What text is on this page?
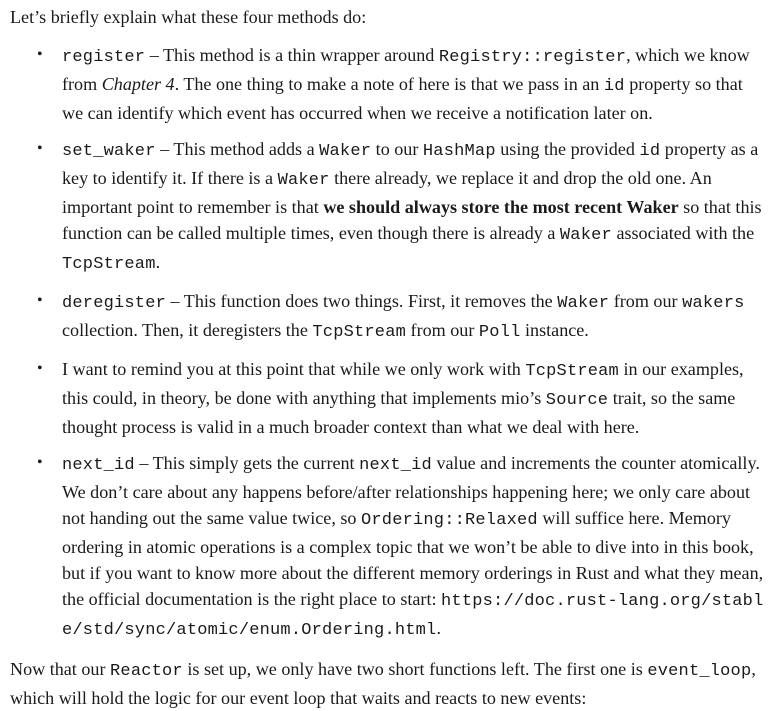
Let’s briefly explain what these four methods do:

• register – This method is a thin wrapper around Registry::register, which we know from Chapter 4. The one thing to make a note of here is that we pass in an id property so that we can identify which event has occurred when we receive a notification later on.
• set_waker – This method adds a Waker to our HashMap using the provided id property as a key to identify it. If there is a Waker there already, we replace it and drop the old one. An important point to remember is that we should always store the most recent Waker so that this function can be called multiple times, even though there is already a Waker associated with the TcpStream.
• deregister – This function does two things. First, it removes the Waker from our wakers collection. Then, it deregisters the TcpStream from our Poll instance.
• I want to remind you at this point that while we only work with TcpStream in our examples, this could, in theory, be done with anything that implements mio’s Source trait, so the same thought process is valid in a much broader context than what we deal with here.
• next_id – This simply gets the current next_id value and increments the counter atomically. We don’t care about any happens before/after relationships happening here; we only care about not handing out the same value twice, so Ordering::Relaxed will suffice here. Memory ordering in atomic operations is a complex topic that we won’t be able to dive into in this book, but if you want to know more about the different memory orderings in Rust and what they mean, the official documentation is the right place to start: https://doc.rust-lang.org/stable/std/sync/atomic/enum.Ordering.html.

Now that our Reactor is set up, we only have two short functions left. The first one is event_loop, which will hold the logic for our event loop that waits and reacts to new events:
